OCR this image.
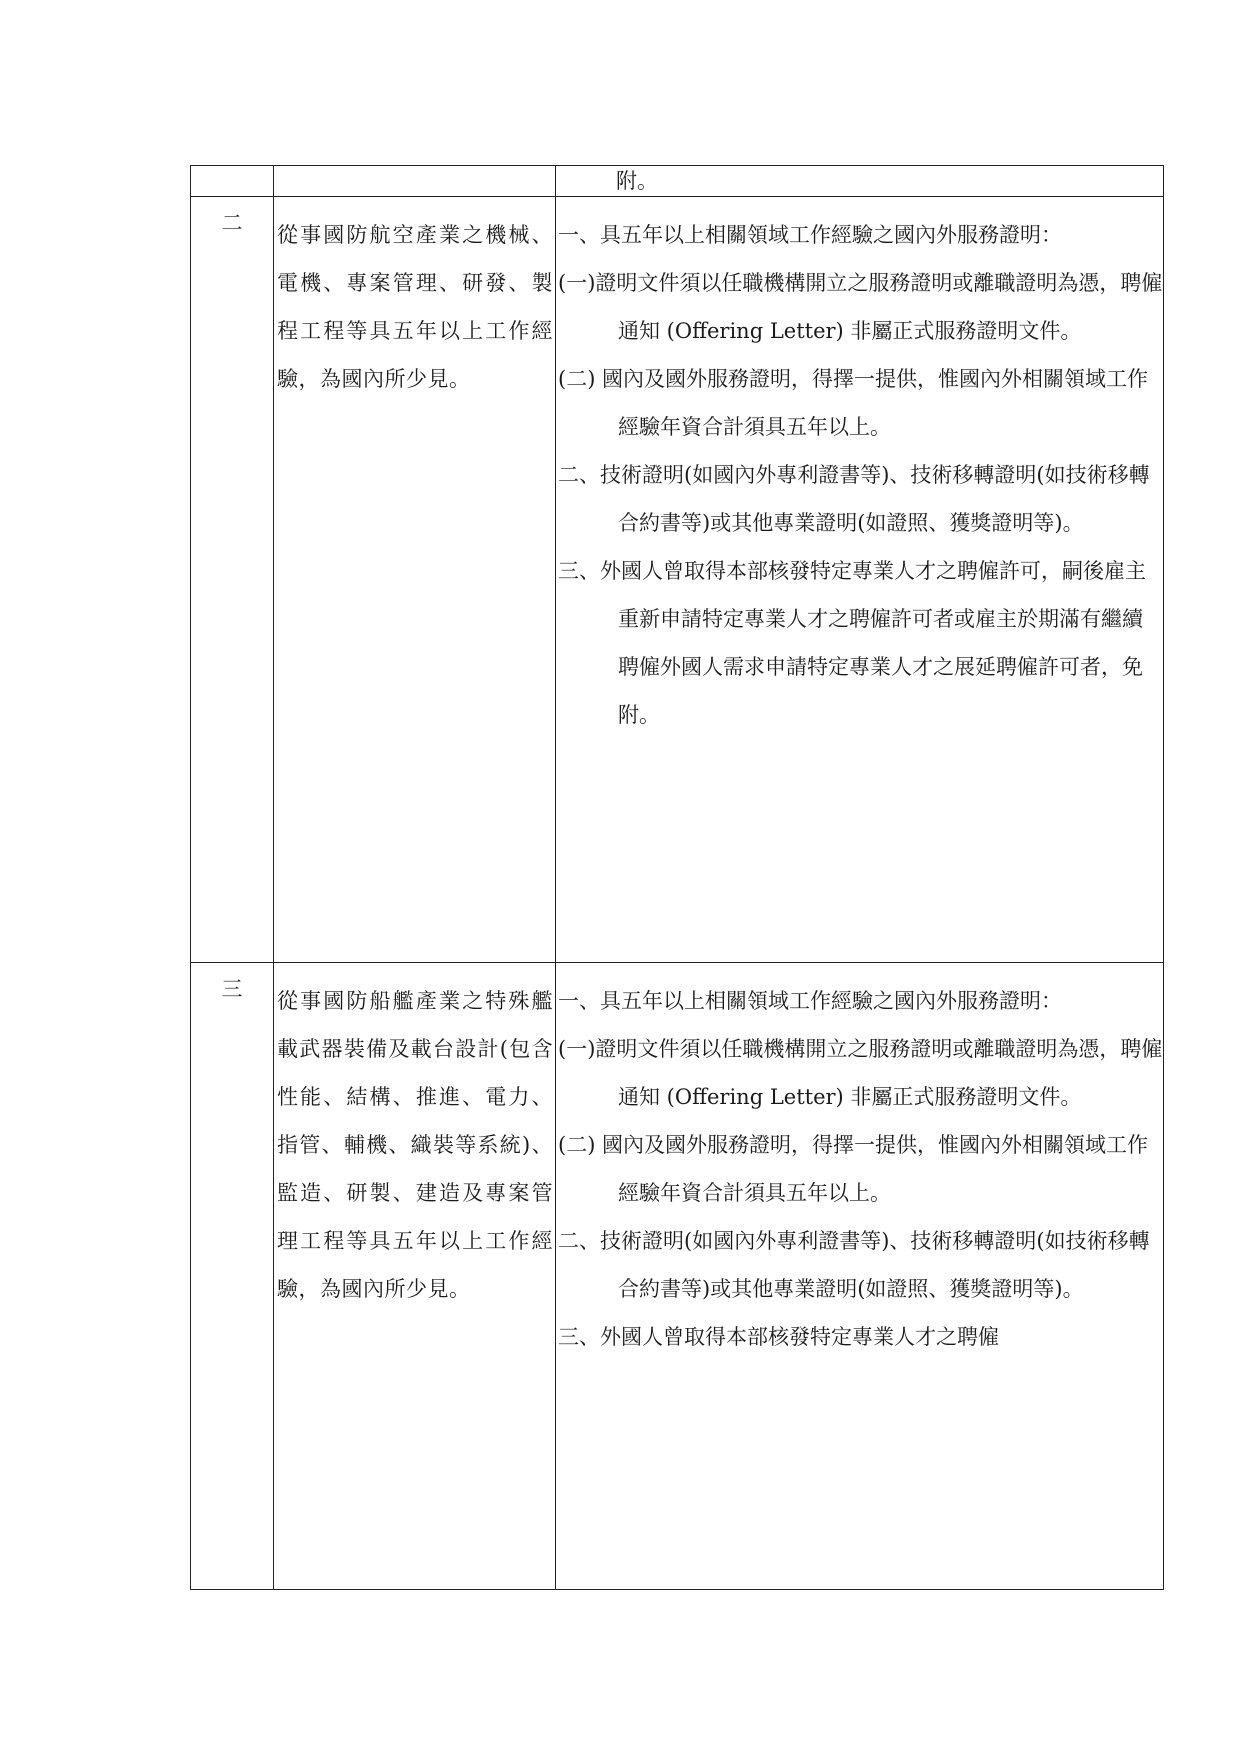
		附。

二	從事國防航空產業之機械、電機、專案管理、研發、製程工程等具五年以上工作經驗，為國內所少見。	一、具五年以上相關領域工作經驗之國內外服務證明：
(一)證明文件須以任職機構開立之服務證明或離職證明為憑，聘僱通知 (Offering Letter) 非屬正式服務證明文件。
(二) 國內及國外服務證明，得擇一提供，惟國內外相關領域工作經驗年資合計須具五年以上。
二、技術證明(如國內外專利證書等)、技術移轉證明(如技術移轉合約書等)或其他專業證明(如證照、獲獎證明等)。
三、外國人曾取得本部核發特定專業人才之聘僱許可，嗣後雇主重新申請特定專業人才之聘僱許可者或雇主於期滿有繼續聘僱外國人需求申請特定專業人才之展延聘僱許可者，免附。

三	從事國防船艦產業之特殊艦載武器裝備及載台設計(包含性能、結構、推進、電力、指管、輔機、織裝等系統)、監造、研製、建造及專案管理工程等具五年以上工作經驗，為國內所少見。	一、具五年以上相關領域工作經驗之國內外服務證明：
(一)證明文件須以任職機構開立之服務證明或離職證明為憑，聘僱通知 (Offering Letter) 非屬正式服務證明文件。
(二) 國內及國外服務證明，得擇一提供，惟國內外相關領域工作經驗年資合計須具五年以上。
二、技術證明(如國內外專利證書等)、技術移轉證明(如技術移轉合約書等)或其他專業證明(如證照、獲獎證明等)。
三、外國人曾取得本部核發特定專業人才之聘僱
